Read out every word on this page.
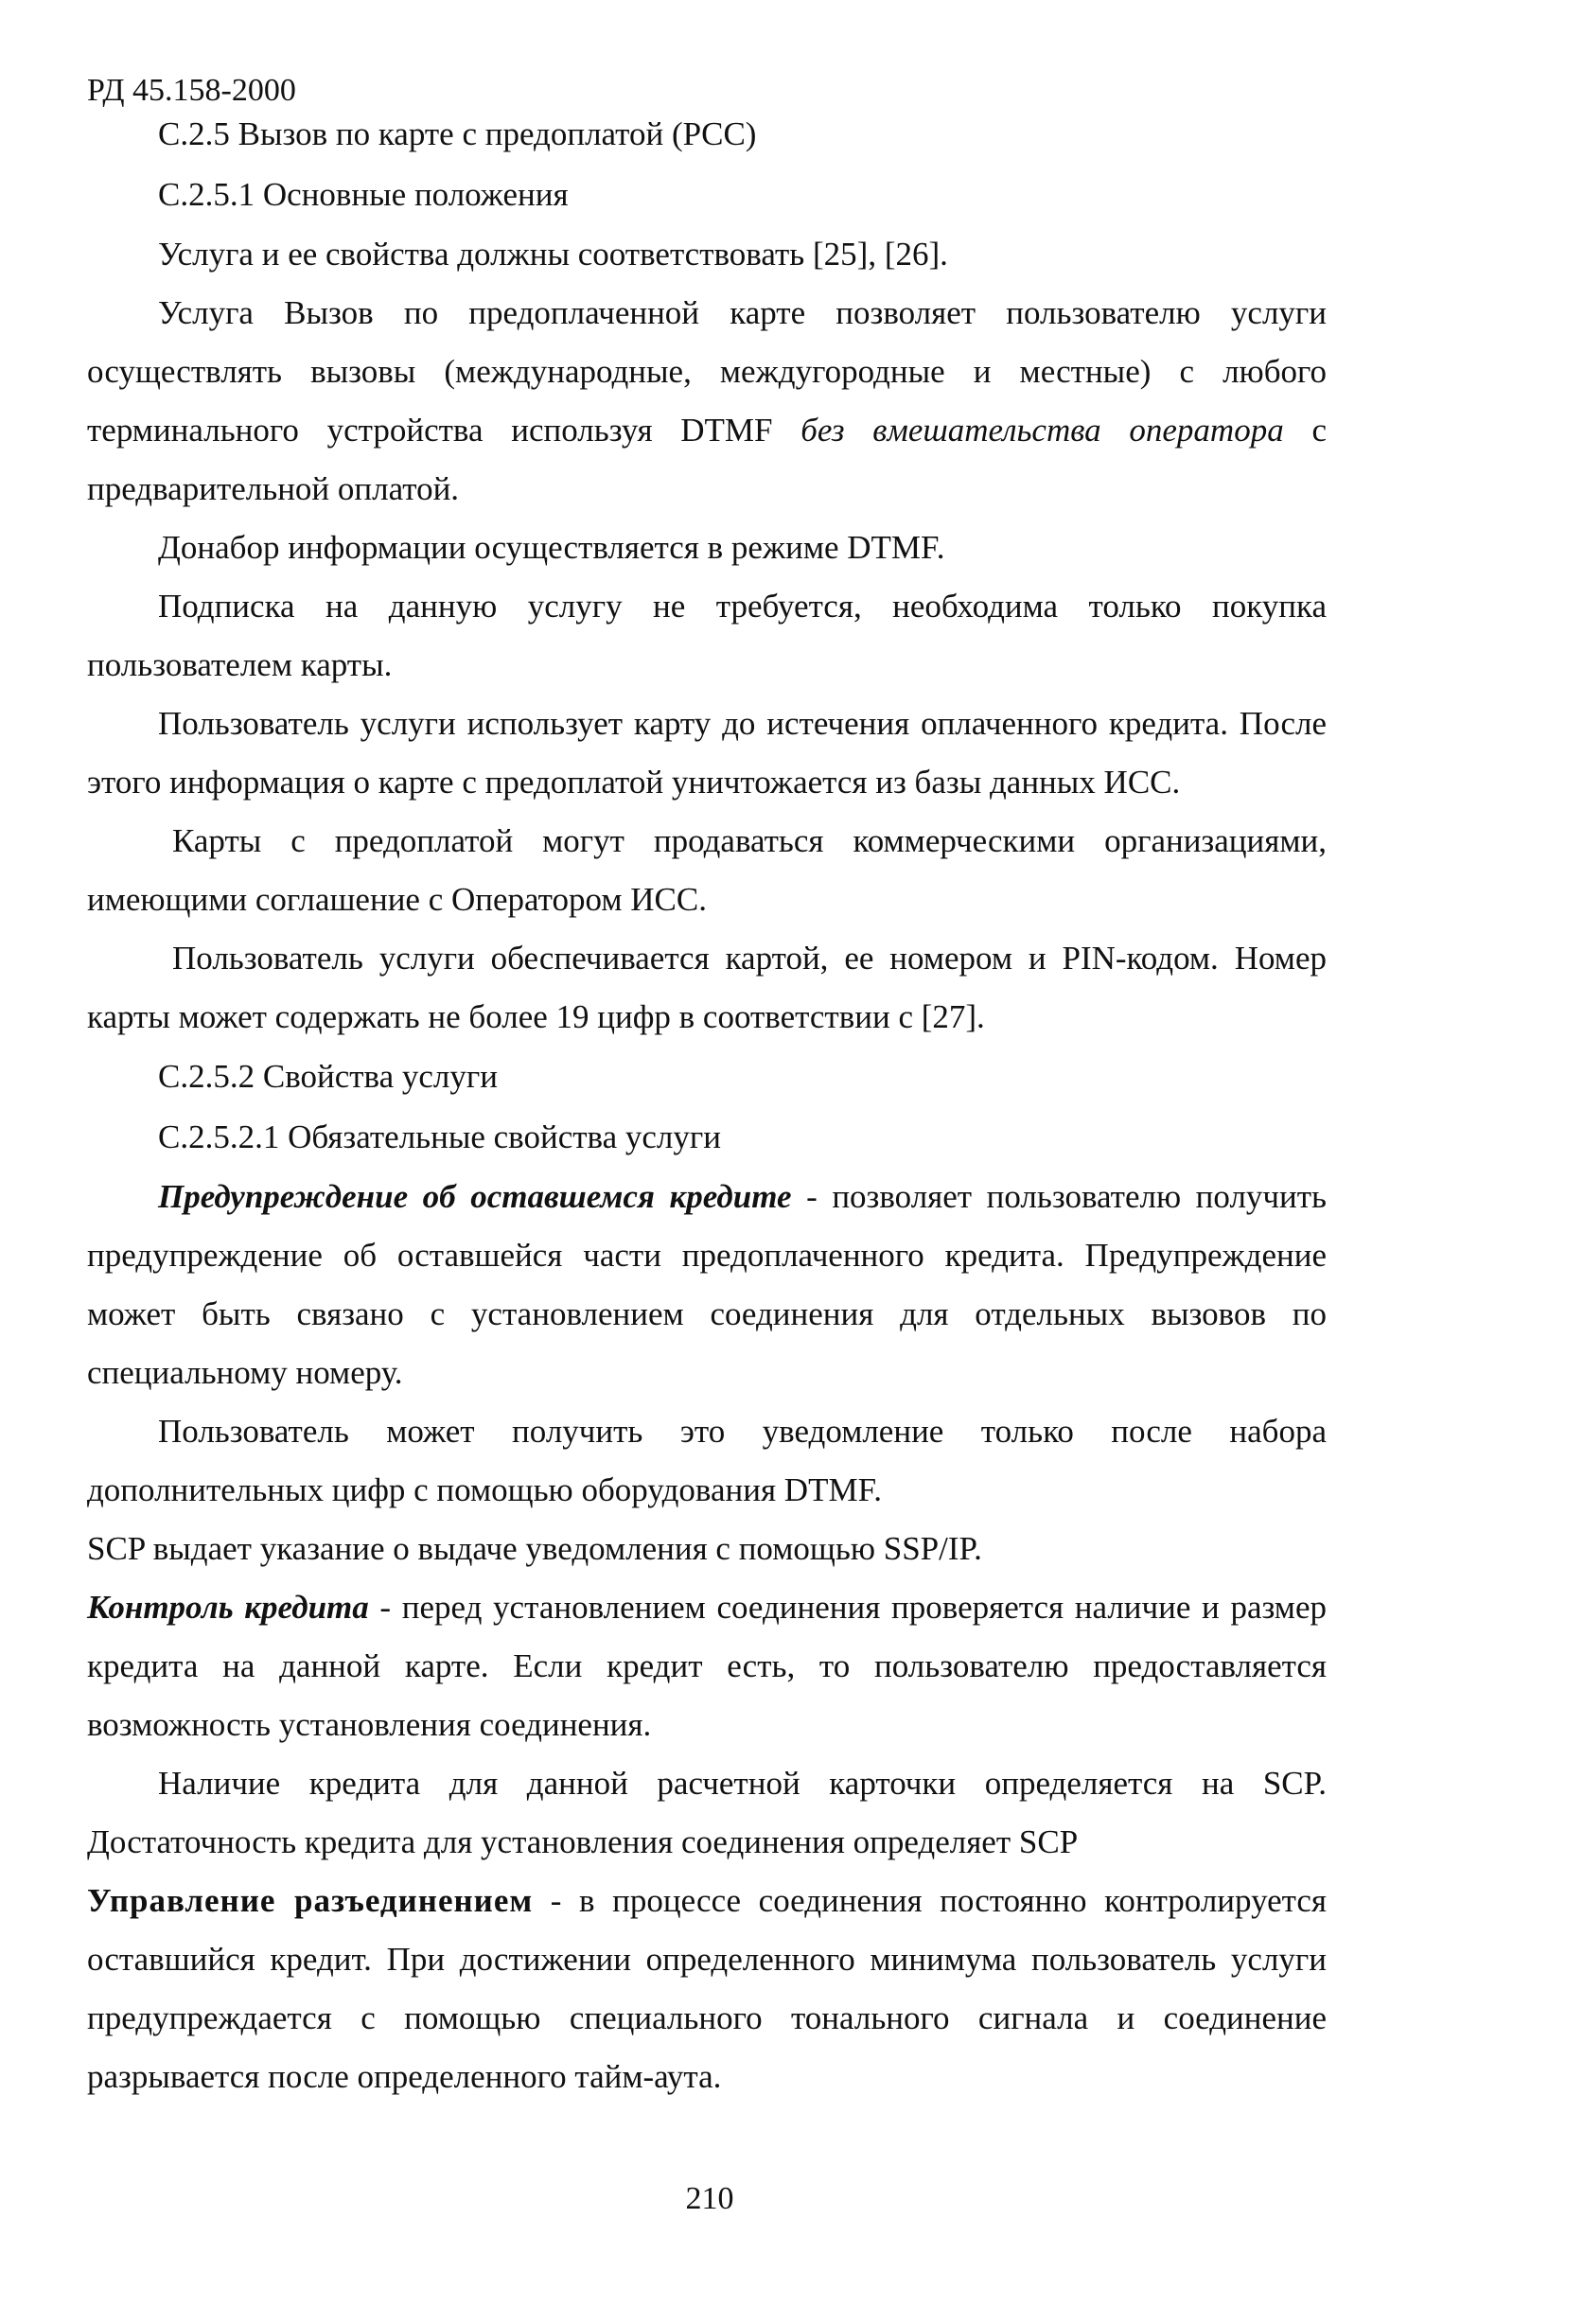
РД 45.158-2000

С.2.5 Вызов по карте с предоплатой (PCC)

С.2.5.1 Основные положения

Услуга и ее свойства должны соответствовать [25], [26].

Услуга Вызов по предоплаченной карте позволяет пользователю услуги осуществлять вызовы (международные, междугородные и местные) с любого терминального устройства используя DTMF без вмешательства оператора с предварительной оплатой.

Донабор информации осуществляется в режиме DTMF.

Подписка на данную услугу не требуется, необходима только покупка пользователем карты.

Пользователь услуги использует карту до истечения оплаченного кредита. После этого информация о карте с предоплатой уничтожается из базы данных ИСС.

Карты с предоплатой могут продаваться коммерческими организациями, имеющими соглашение с Оператором ИСС.

Пользователь услуги обеспечивается картой, ее номером и PIN-кодом. Номер карты может содержать не более 19 цифр в соответствии с [27].

С.2.5.2 Свойства услуги

С.2.5.2.1 Обязательные свойства услуги

Предупреждение об оставшемся кредите - позволяет пользователю получить предупреждение об оставшейся части предоплаченного кредита. Предупреждение может быть связано с установлением соединения для отдельных вызовов по специальному номеру.

Пользователь может получить это уведомление только после набора дополнительных цифр с помощью оборудования DTMF.

SCP выдает указание о выдаче уведомления с помощью SSP/IP.

Контроль кредита - перед установлением соединения проверяется наличие и размер кредита на данной карте. Если кредит есть, то пользователю предоставляется возможность установления соединения.

Наличие кредита для данной расчетной карточки определяется на SCP. Достаточность кредита для установления соединения определяет SCP

Управление разъединением - в процессе соединения постоянно контролируется оставшийся кредит. При достижении определенного минимума пользователь услуги предупреждается с помощью специального тонального сигнала и соединение разрывается после определенного тайм-аута.

210
